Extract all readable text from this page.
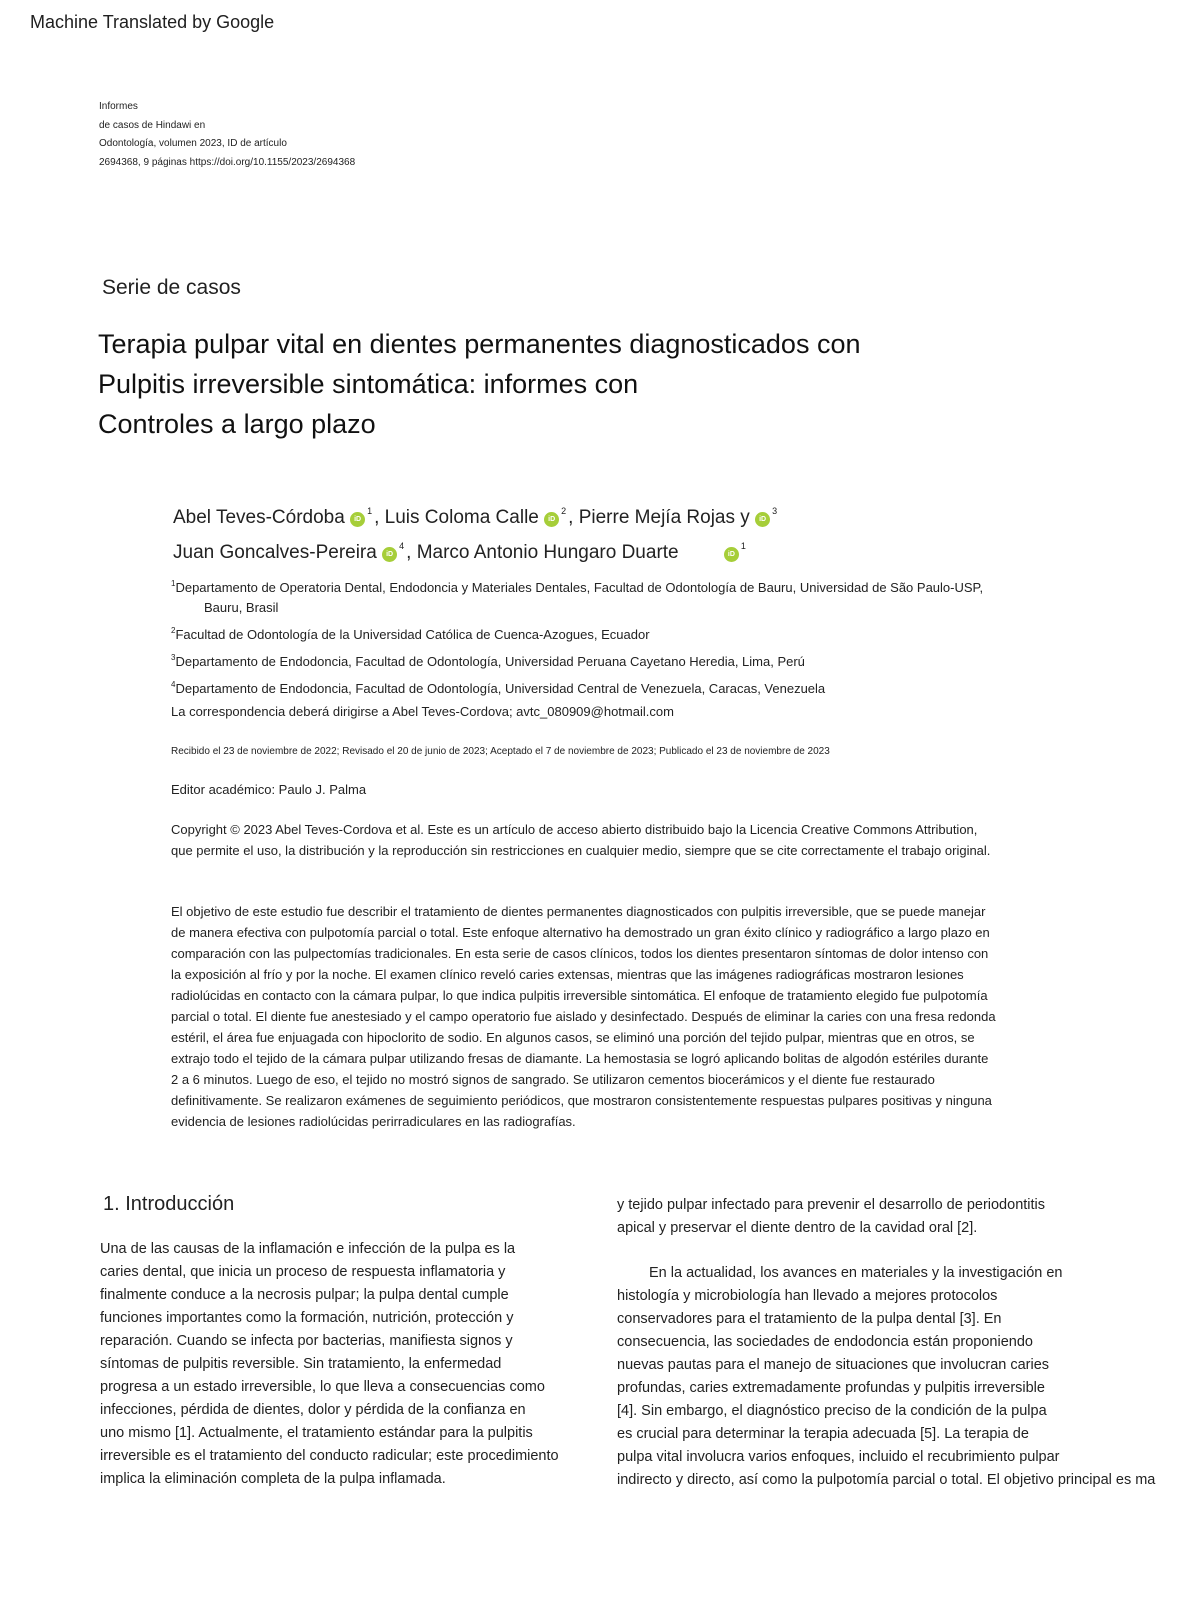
Machine Translated by Google
Informes
de casos de Hindawi en
Odontología, volumen 2023, ID de artículo
2694368, 9 páginas https://doi.org/10.1155/2023/2694368
Serie de casos
Terapia pulpar vital en dientes permanentes diagnosticados con
Pulpitis irreversible sintomática: informes con
Controles a largo plazo
Abel Teves-Córdoba iD$^1$ , Luis Coloma Calle iD$^2$ , Pierre Mejía Rojas y iD$^3$
Juan Goncalves-Pereira iD$^4$ , Marco Antonio Hungaro Duarte	iD$^1$
$^1$Departamento de Operatoria Dental, Endodoncia y Materiales Dentales, Facultad de Odontología de Bauru, Universidad de São Paulo-USP,
Bauru, Brasil
$^2$Facultad de Odontología de la Universidad Católica de Cuenca-Azogues, Ecuador
$^3$Departamento de Endodoncia, Facultad de Odontología, Universidad Peruana Cayetano Heredia, Lima, Perú
$^4$Departamento de Endodoncia, Facultad de Odontología, Universidad Central de Venezuela, Caracas, Venezuela
La correspondencia deberá dirigirse a Abel Teves-Cordova; avtc_080909@hotmail.com
Recibido el 23 de noviembre de 2022; Revisado el 20 de junio de 2023; Aceptado el 7 de noviembre de 2023; Publicado el 23 de noviembre de 2023
Editor académico: Paulo J. Palma
Copyright © 2023 Abel Teves-Cordova et al. Este es un artículo de acceso abierto distribuido bajo la Licencia Creative Commons Attribution,
que permite el uso, la distribución y la reproducción sin restricciones en cualquier medio, siempre que se cite correctamente el trabajo original.
El objetivo de este estudio fue describir el tratamiento de dientes permanentes diagnosticados con pulpitis irreversible, que se puede manejar
de manera efectiva con pulpotomía parcial o total. Este enfoque alternativo ha demostrado un gran éxito clínico y radiográfico a largo plazo en
comparación con las pulpectomías tradicionales. En esta serie de casos clínicos, todos los dientes presentaron síntomas de dolor intenso con
la exposición al frío y por la noche. El examen clínico reveló caries extensas, mientras que las imágenes radiográficas mostraron lesiones
radiolúcidas en contacto con la cámara pulpar, lo que indica pulpitis irreversible sintomática. El enfoque de tratamiento elegido fue pulpotomía
parcial o total. El diente fue anestesiado y el campo operatorio fue aislado y desinfectado. Después de eliminar la caries con una fresa redonda
estéril, el área fue enjuagada con hipoclorito de sodio. En algunos casos, se eliminó una porción del tejido pulpar, mientras que en otros, se
extrajo todo el tejido de la cámara pulpar utilizando fresas de diamante. La hemostasia se logró aplicando bolitas de algodón estériles durante
2 a 6 minutos. Luego de eso, el tejido no mostró signos de sangrado. Se utilizaron cementos biocerámicos y el diente fue restaurado
definitivamente. Se realizaron exámenes de seguimiento periódicos, que mostraron consistentemente respuestas pulpares positivas y ninguna
evidencia de lesiones radiolúcidas perirradiculares en las radiografías.
1. Introducción
Una de las causas de la inflamación e infección de la pulpa es la
caries dental, que inicia un proceso de respuesta inflamatoria y
finalmente conduce a la necrosis pulpar; la pulpa dental cumple
funciones importantes como la formación, nutrición, protección y
reparación. Cuando se infecta por bacterias, manifiesta signos y
síntomas de pulpitis reversible. Sin tratamiento, la enfermedad
progresa a un estado irreversible, lo que lleva a consecuencias como
infecciones, pérdida de dientes, dolor y pérdida de la confianza en
uno mismo [1]. Actualmente, el tratamiento estándar para la pulpitis
irreversible es el tratamiento del conducto radicular; este procedimiento
implica la eliminación completa de la pulpa inflamada.
y tejido pulpar infectado para prevenir el desarrollo de periodontitis
apical y preservar el diente dentro de la cavidad oral [2].
En la actualidad, los avances en materiales y la investigación en
histología y microbiología han llevado a mejores protocolos
conservadores para el tratamiento de la pulpa dental [3]. En
consecuencia, las sociedades de endodoncia están proponiendo
nuevas pautas para el manejo de situaciones que involucran caries
profundas, caries extremadamente profundas y pulpitis irreversible
[4]. Sin embargo, el diagnóstico preciso de la condición de la pulpa
es crucial para determinar la terapia adecuada [5]. La terapia de
pulpa vital involucra varios enfoques, incluido el recubrimiento pulpar
indirecto y directo, así como la pulpotomía parcial o total. El objetivo principal es ma
